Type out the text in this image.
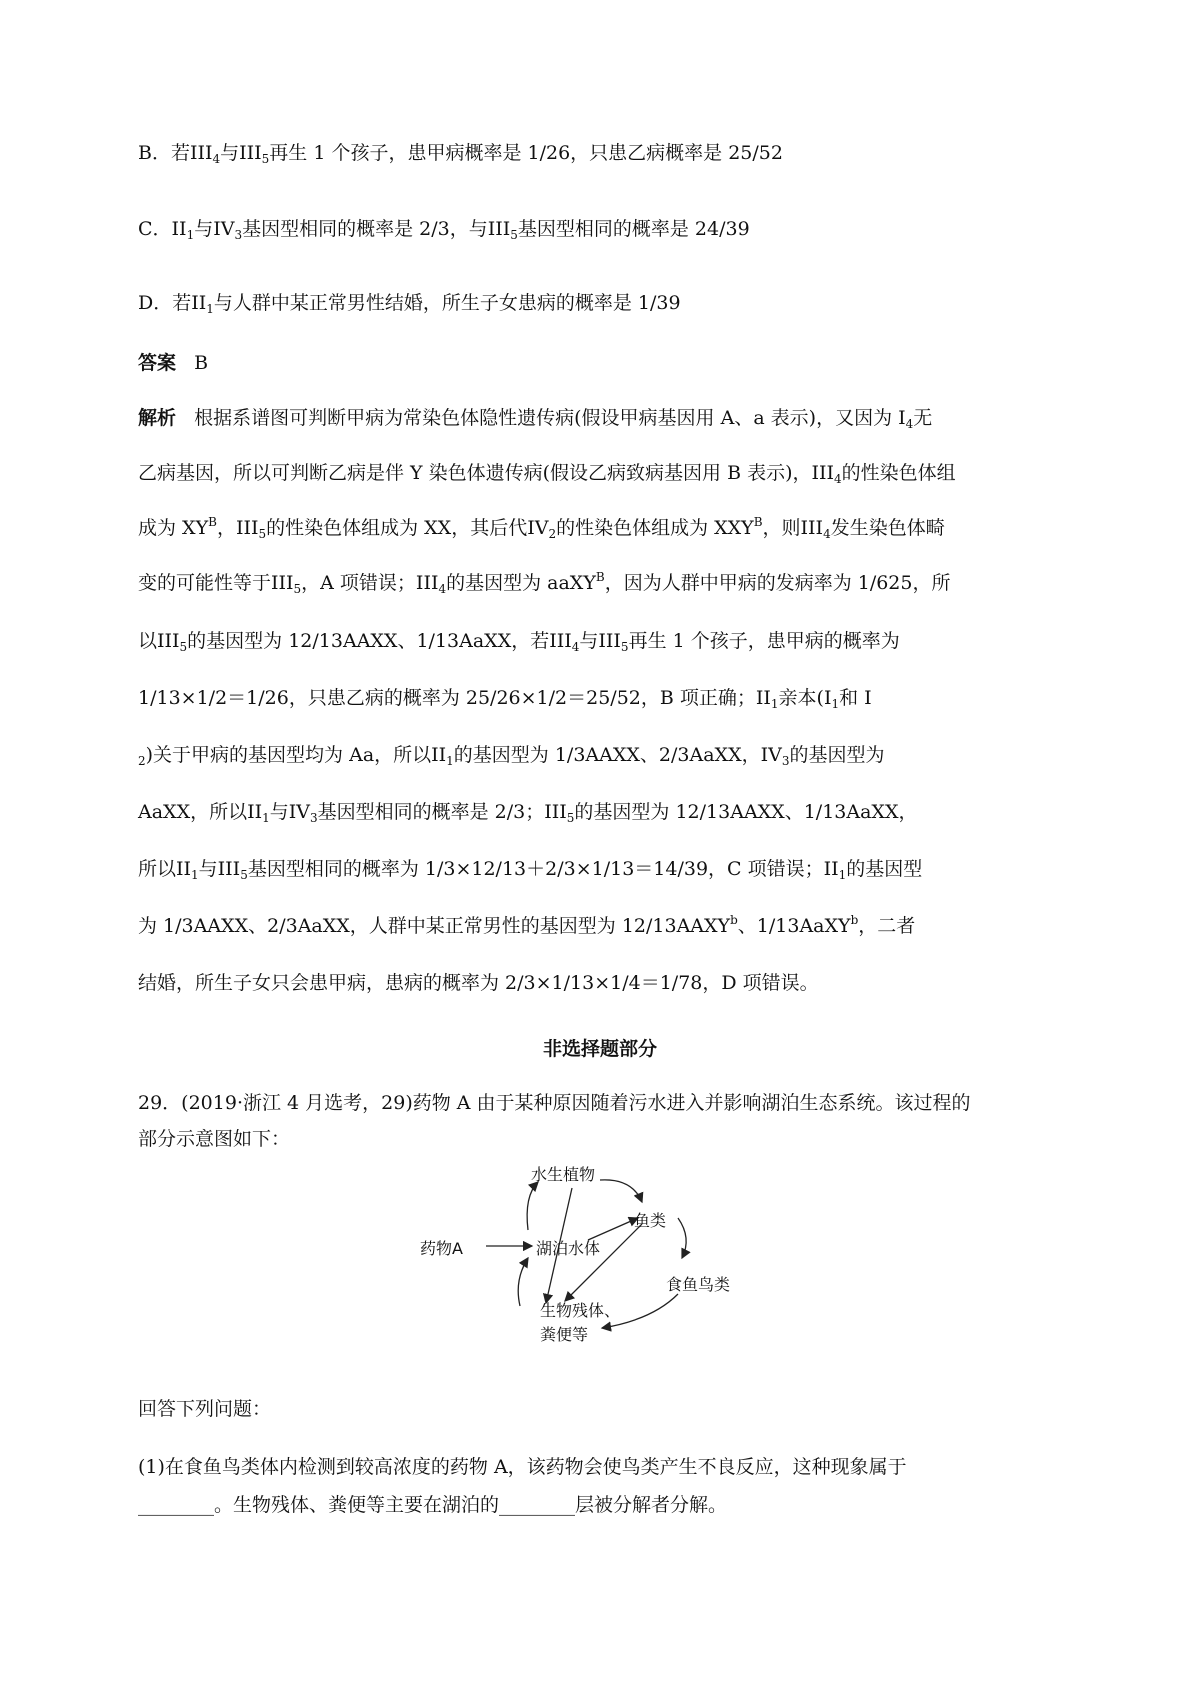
B．若$III_4$与$III_5$再生 1 个孩子，患甲病概率是 1/26，只患乙病概率是 25/52
C．$II_1$与$IV_3$基因型相同的概率是 2/3，与$III_5$基因型相同的概率是 24/39
D．若$II_1$与人群中某正常男性结婚，所生子女患病的概率是 1/39
答案 B
解析 根据系谱图可判断甲病为常染色体隐性遗传病(假设甲病基因用 A、a 表示)，又因为 $I_4$无
乙病基因，所以可判断乙病是伴 Y 染色体遗传病(假设乙病致病基因用 B 表示)，$III_4$的性染色体组
成为 $XY^B$，$III_5$的性染色体组成为 XX，其后代$IV_2$的性染色体组成为 $XXY^B$，则$III_4$发生染色体畸
变的可能性等于$III_5$，A 项错误；$III_4$的基因型为 aaXY$^B$，因为人群中甲病的发病率为 1/625，所
以$III_5$的基因型为 12/13AAXX、1/13AaXX，若$III_4$与$III_5$再生 1 个孩子，患甲病的概率为
1/13×1/2＝1/26，只患乙病的概率为 25/26×1/2＝25/52，B 项正确；$II_1$亲本($I_1$和 I
$_2$)关于甲病的基因型均为 Aa，所以$II_1$的基因型为 1/3AAXX、2/3AaXX，$IV_3$的基因型为
AaXX，所以$II_1$与$IV_3$基因型相同的概率是 2/3；$III_5$的基因型为 12/13AAXX、1/13AaXX，
所以$II_1$与$III_5$基因型相同的概率为 1/3×12/13＋2/3×1/13＝14/39，C 项错误；$II_1$的基因型
为 1/3AAXX、2/3AaXX，人群中某正常男性的基因型为 12/13AAXY$^b$、1/13AaXY$^b$，二者
结婚，所生子女只会患甲病，患病的概率为 2/3×1/13×1/4＝1/78，D 项错误。
非选择题部分
29．(2019·浙江 4 月选考，29)药物 A 由于某种原因随着污水进入并影响湖泊生态系统。该过程的
部分示意图如下：
水生植物
鱼类
药物A	湖泊水体
食鱼鸟类
生物残体、
粪便等
回答下列问题：
(1)在食鱼鸟类体内检测到较高浓度的药物 A，该药物会使鸟类产生不良反应，这种现象属于
________。生物残体、粪便等主要在湖泊的________层被分解者分解。
